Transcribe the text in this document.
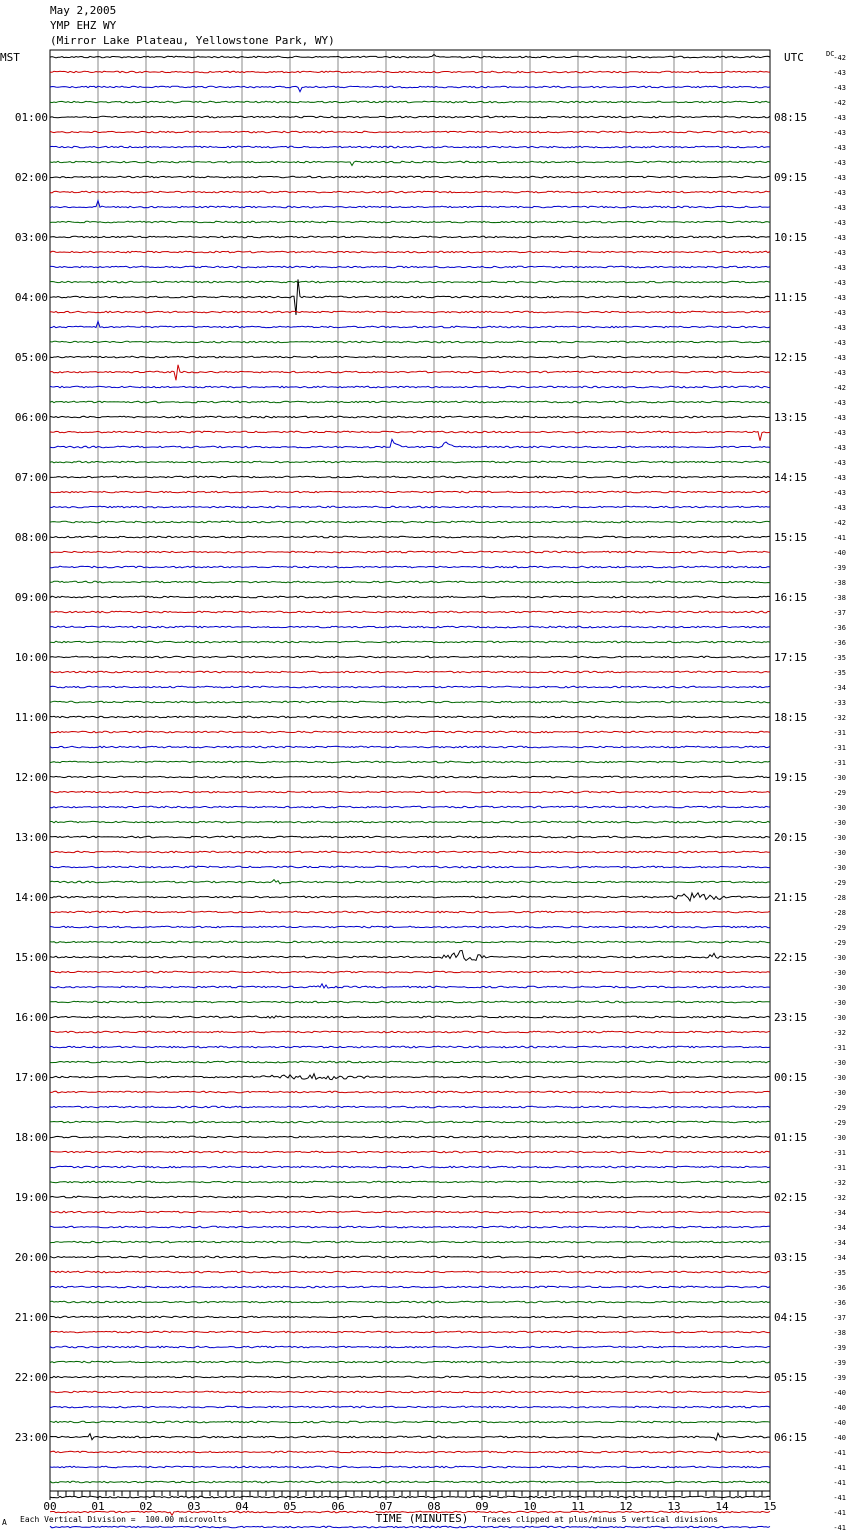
May 2,2005
YMP EHZ WY
(Mirror Lake Plateau, Yellowstone Park, WY)
MST	UTC	DC
01:00
02:00
03:00
04:00
05:00
06:00
07:00
08:00
09:00
10:00
11:00
12:00
13:00
14:00
15:00
16:00
17:00
18:00
19:00
20:00
21:00
22:00
23:00
08:15
09:15
10:15
11:15
12:15
13:15
14:15
15:15
16:15
17:15
18:15
19:15
20:15
21:15
22:15
23:15
00:15
01:15
02:15
03:15
04:15
05:15
06:15
-42
-43
-43
-42
-43
-43
-43
-43
-43
-43
-43
-43
-43
-43
-43
-43
-43
-43
-43
-43
-43
-43
-42
-43
-43
-43
-43
-43
-43
-43
-43
-42
-41
-40
-39
-38
-38
-37
-36
-36
-35
-35
-34
-33
-32
-31
-31
-31
-30
-29
-30
-30
-30
-30
-30
-29
-28
-28
-29
-29
-30
-30
-30
-30
-30
-32
-31
-30
-30
-30
-29
-29
-30
-31
-31
-32
-32
-34
-34
-34
-34
-35
-36
-36
-37
-38
-39
-39
-39
-40
-40
-40
-40
-41
-41
-41
-41
-41
-41
00	01	02	03	04	05	06	07	08	09	10	11	12	13	14	15
TIME (MINUTES)
A Each Vertical Division =  100.00 microvolts	Traces clipped at plus/minus 5 vertical divisions
